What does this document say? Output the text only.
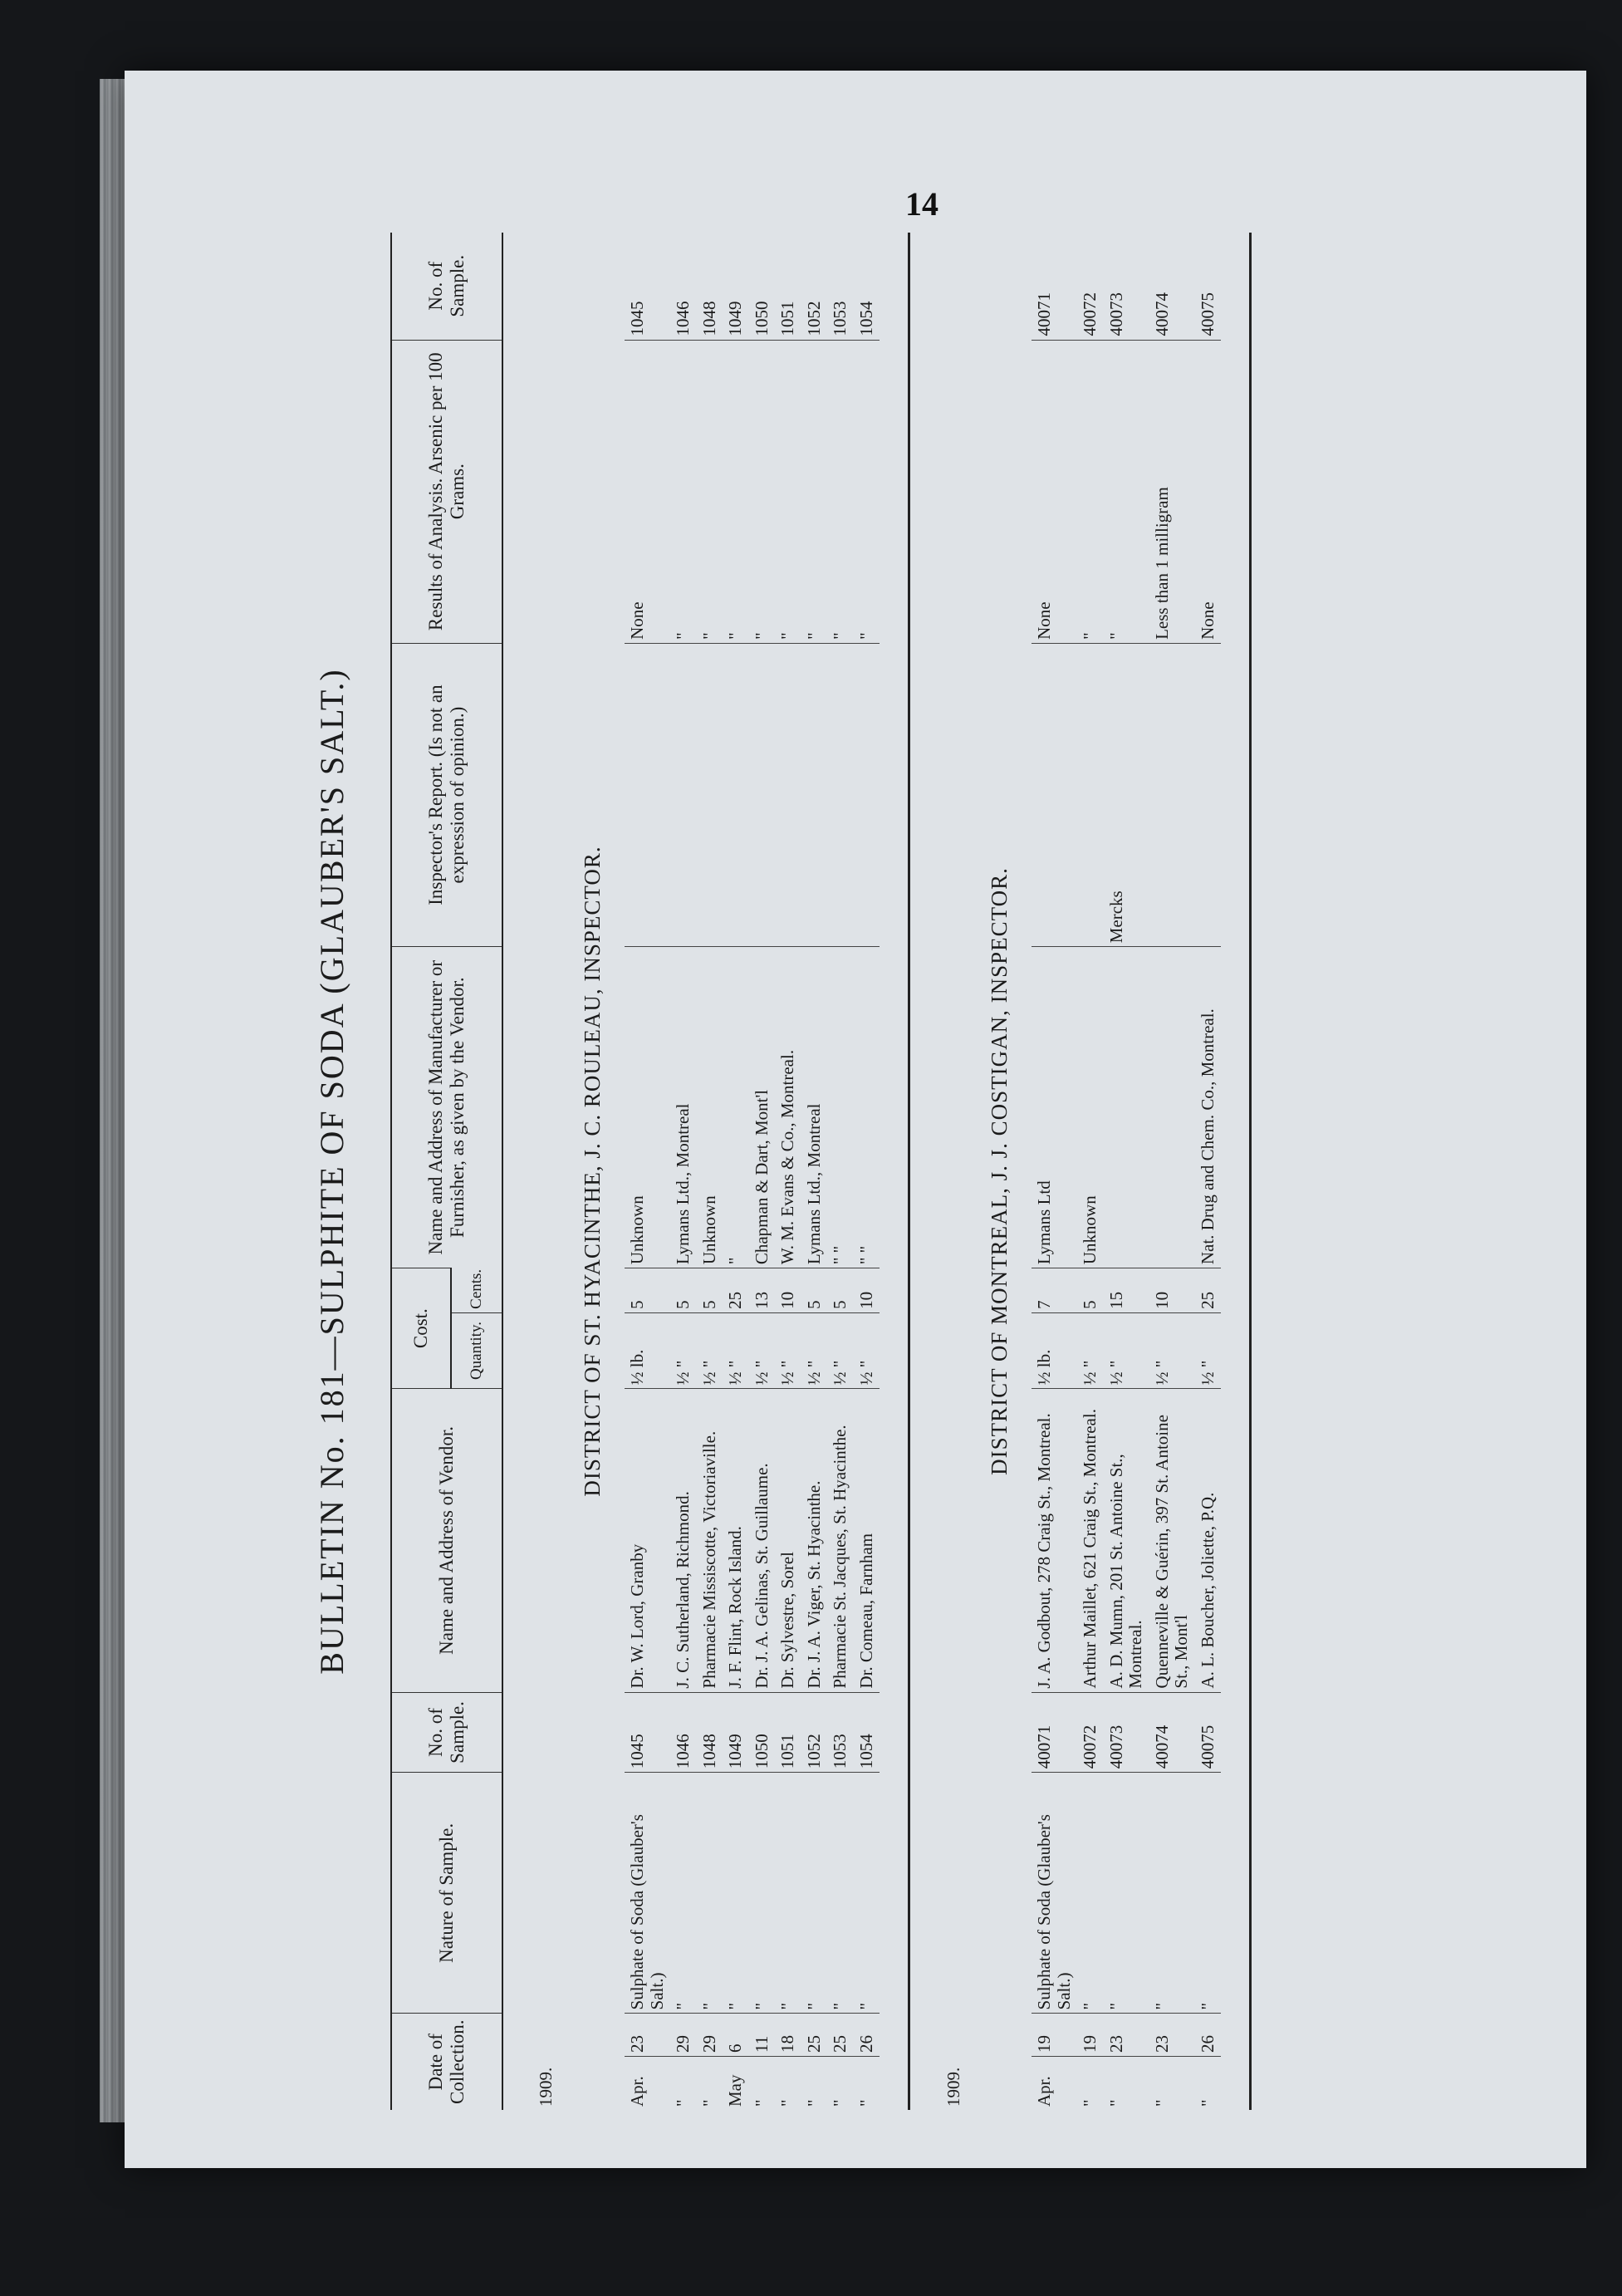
14
BULLETIN No. 181—SULPHITE OF SODA (GLAUBER'S SALT.)
Date of Collection.		Nature of Sample.	No. of Sample.	Name and Address of Vendor.	Cost.		Name and Address of Manufacturer or Furnisher, as given by the Vendor.	Inspector's Report. (Is not an expression of opinion.)	Results of Analysis. Arsenic per 100 Grams.	No. of Sample.
					Quantity.	Cents.				
1909.										
DISTRICT OF ST. HYACINTHE, J. C. ROULEAU, INSPECTOR.										
Apr.	23	Sulphate of Soda (Glauber's Salt.)	1045	Dr. W. Lord, Granby	½ lb.	5	Unknown		None	1045
"	29	"	1046	J. C. Sutherland, Richmond.	½ "	5	Lymans Ltd., Montreal		"	1046
"	29	"	1048	Pharmacie Missiscotte, Victoriaville.	½ "	5	Unknown		"	1048
May	6	"	1049	J. F. Flint, Rock Island.	½ "	25	"		"	1049
"	11	"	1050	Dr. J. A. Gelinas, St. Guillaume.	½ "	13	Chapman & Dart, Mont'l		"	1050
"	18	"	1051	Dr. Sylvestre, Sorel	½ "	10	W. M. Evans & Co., Montreal.		"	1051
"	25	"	1052	Dr. J. A. Viger, St. Hyacinthe.	½ "	5	Lymans Ltd., Montreal		"	1052
"	25	"	1053	Pharmacie St. Jacques, St. Hyacinthe.	½ "	5	" "		"	1053
"	26	"	1054	Dr. Comeau, Farnham	½ "	10	" "		"	1054

1909.										
DISTRICT OF MONTREAL, J. J. COSTIGAN, INSPECTOR.										
Apr.	19	Sulphate of Soda (Glauber's Salt.)	40071	J. A. Godbout, 278 Craig St., Montreal.	½ lb.	7	Lymans Ltd		None	40071
"	19	"	40072	Arthur Maillet, 621 Craig St., Montreal.	½ "	5	Unknown		"	40072
"	23	"	40073	A. D. Mumn, 201 St. Antoine St., Montreal.	½ "	15		Mercks	"	40073
"	23	"	40074	Quenneville & Guérin, 397 St. Antoine St., Mont'l	½ "	10			Less than 1 milligram	40074
"	26	"	40075	A. L. Boucher, Joliette, P.Q.	½ "	25	Nat. Drug and Chem. Co., Montreal.		None	40075
